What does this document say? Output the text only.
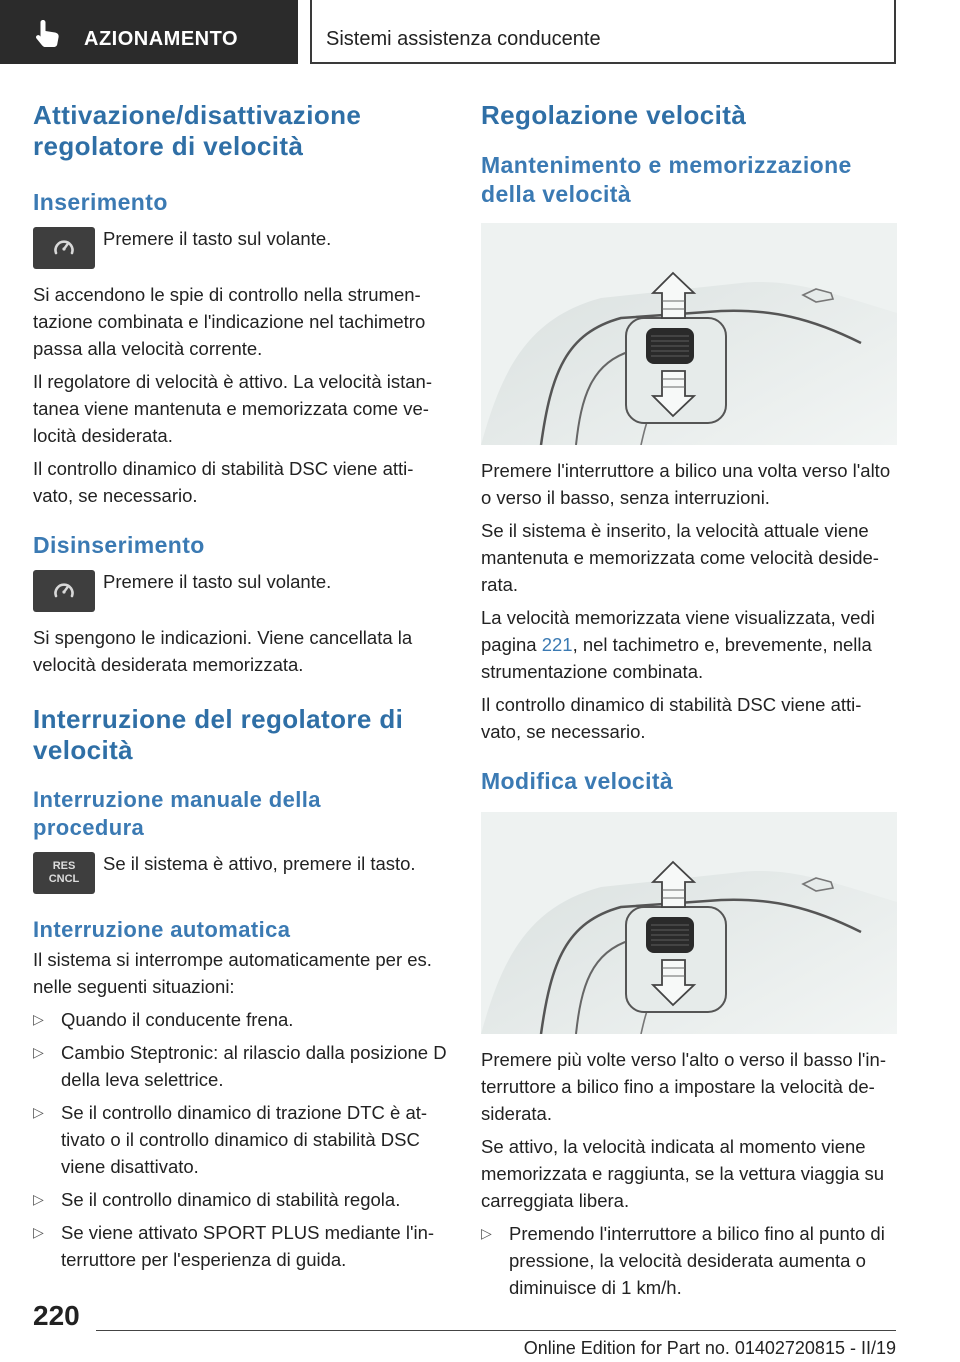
AZIONAMENTO	Sistemi assistenza conducente
Attivazione/disattivazione regolatore di velocità
Inserimento

Premere il tasto sul volante.

Si accendono le spie di controllo nella strumen-tazione combinata e l'indicazione nel tachimetro passa alla velocità corrente.

Il regolatore di velocità è attivo. La velocità istan-tanea viene mantenuta e memorizzata come ve-locità desiderata.

Il controllo dinamico di stabilità DSC viene atti-vato, se necessario.

Disinserimento

Premere il tasto sul volante.

Si spengono le indicazioni. Viene cancellata la velocità desiderata memorizzata.

Interruzione del regolatore di velocità
Interruzione manuale della procedura
RES
CNCL

Se il sistema è attivo, premere il tasto.

Interruzione automatica

Il sistema si interrompe automaticamente per es. nelle seguenti situazioni:

▷ Quando il conducente frena.
▷ Cambio Steptronic: al rilascio dalla posizione D della leva selettrice.
▷ Se il controllo dinamico di trazione DTC è at-tivato o il controllo dinamico di stabilità DSC viene disattivato.
▷ Se il controllo dinamico di stabilità regola.
▷ Se viene attivato SPORT PLUS mediante l'in-terruttore per l'esperienza di guida.
Regolazione velocità
Mantenimento e memorizzazione della velocità

Premere l'interruttore a bilico una volta verso l'alto o verso il basso, senza interruzioni.

Se il sistema è inserito, la velocità attuale viene mantenuta e memorizzata come velocità deside-rata.

La velocità memorizzata viene visualizzata, vedi pagina 221, nel tachimetro e, brevemente, nella strumentazione combinata.

Il controllo dinamico di stabilità DSC viene atti-vato, se necessario.

Modifica velocità

Premere più volte verso l'alto o verso il basso l'in-terruttore a bilico fino a impostare la velocità de-siderata.

Se attivo, la velocità indicata al momento viene memorizzata e raggiunta, se la vettura viaggia su carreggiata libera.

▷ Premendo l'interruttore a bilico fino al punto di pressione, la velocità desiderata aumenta o diminuisce di 1 km/h.
220
Online Edition for Part no. 01402720815 - II/19
